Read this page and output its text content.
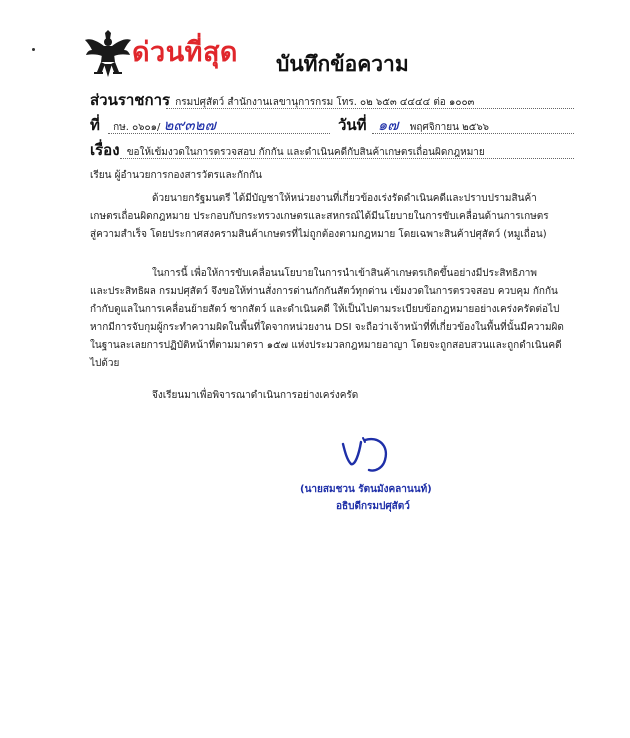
ด่วนที่สุด บันทึกข้อความ
ส่วนราชการ กรมปศุสัตว์ สำนักงานเลขานุการกรม โทร. ๐๒ ๖๕๓ ๔๔๔๔ ต่อ ๑๐๐๓
ที่ กษ. ๐๖๐๑/ ๒๙๓๒๗	วันที่ ๑๗ พฤศจิกายน ๒๕๖๖
เรื่อง ขอให้เข้มงวดในการตรวจสอบ กักกัน และดำเนินคดีกับสินค้าเกษตรเถื่อนผิดกฎหมาย
เรียน ผู้อำนวยการกองสารวัตรและกักกัน
ด้วยนายกรัฐมนตรี ได้มีบัญชาให้หน่วยงานที่เกี่ยวข้องเร่งรัดดำเนินคดีและปราบปรามสินค้า
เกษตรเถื่อนผิดกฎหมาย ประกอบกับกระทรวงเกษตรและสหกรณ์ได้มีนโยบายในการขับเคลื่อนด้านการเกษตร
สู่ความสำเร็จ โดยประกาศสงครามสินค้าเกษตรที่ไม่ถูกต้องตามกฎหมาย โดยเฉพาะสินค้าปศุสัตว์ (หมูเถื่อน)
ในการนี้ เพื่อให้การขับเคลื่อนนโยบายในการนำเข้าสินค้าเกษตรเกิดขึ้นอย่างมีประสิทธิภาพ
และประสิทธิผล กรมปศุสัตว์ จึงขอให้ท่านสั่งการด่านกักกันสัตว์ทุกด่าน เข้มงวดในการตรวจสอบ ควบคุม กักกัน
กำกับดูแลในการเคลื่อนย้ายสัตว์ ซากสัตว์ และดำเนินคดี ให้เป็นไปตามระเบียบข้อกฎหมายอย่างเคร่งครัดต่อไป
หากมีการจับกุมผู้กระทำความผิดในพื้นที่ใดจากหน่วยงาน DSI จะถือว่าเจ้าหน้าที่ที่เกี่ยวข้องในพื้นที่นั้นมีความผิด
ในฐานละเลยการปฏิบัติหน้าที่ตามมาตรา ๑๕๗ แห่งประมวลกฎหมายอาญา โดยจะถูกสอบสวนและถูกดำเนินคดี
ไปด้วย
จึงเรียนมาเพื่อพิจารณาดำเนินการอย่างเคร่งครัด
(นายสมชวน รัตนมังคลานนท์)
อธิบดีกรมปศุสัตว์
